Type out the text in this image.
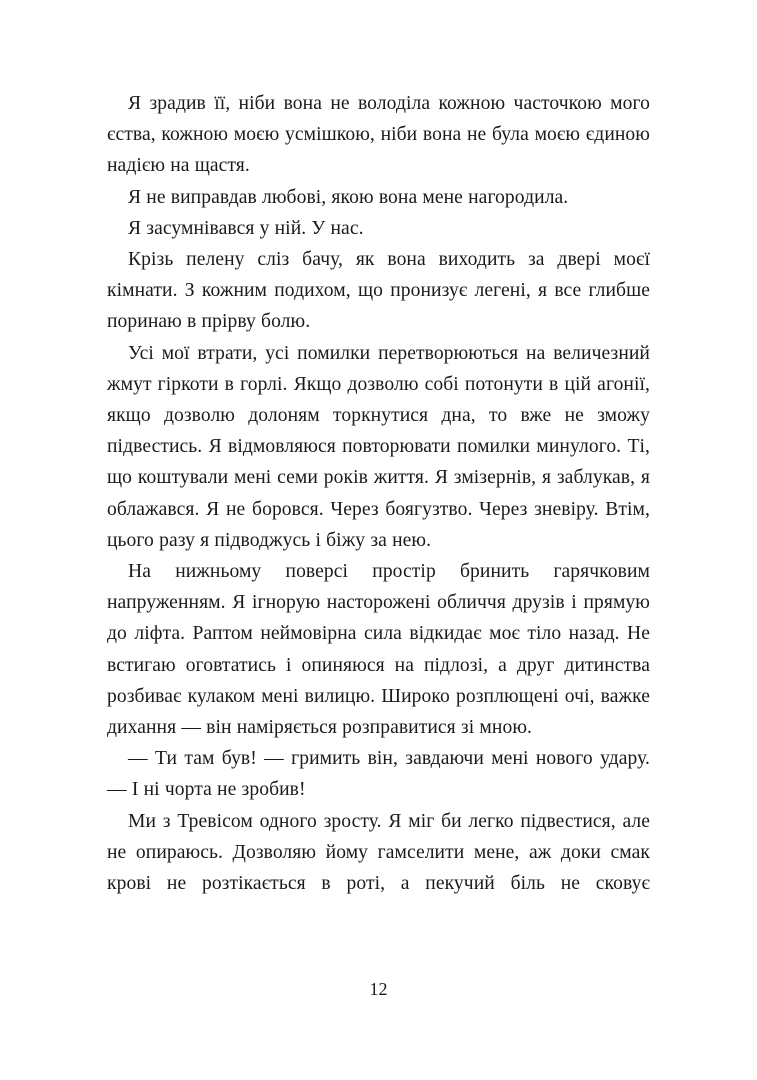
Я зрадив її, ніби вона не володіла кожною часточкою мого єства, кожною моєю усмішкою, ніби вона не була моєю єдиною надією на щастя.

Я не виправдав любові, якою вона мене нагородила.

Я засумнівався у ній. У нас.

Крізь пелену сліз бачу, як вона виходить за двері моєї кімнати. З кожним подихом, що пронизує легені, я все глибше поринаю в прірву болю.

Усі мої втрати, усі помилки перетворюються на величезний жмут гіркоти в горлі. Якщо дозволю собі потонути в цій агонії, якщо дозволю долоням торкнутися дна, то вже не зможу підвестись. Я відмовляюся повторювати помилки минулого. Ті, що коштували мені семи років життя. Я змізернів, я заблукав, я облажався. Я не боровся. Через боягузтво. Через зневіру. Втім, цього разу я підводжусь і біжу за нею.

На нижньому поверсі простір бринить гарячковим напруженням. Я ігнорую насторожені обличчя друзів і прямую до ліфта. Раптом неймовірна сила відкидає моє тіло назад. Не встигаю оговтатись і опиняюся на підлозі, а друг дитинства розбиває кулаком мені вилицю. Широко розплющені очі, важке дихання — він наміряється розправитися зі мною.

— Ти там був! — гримить він, завдаючи мені нового удару. — І ні чорта не зробив!

Ми з Тревісом одного зросту. Я міг би легко підвестися, але не опираюсь. Дозволяю йому гамселити мене, аж доки смак крові не розтікається в роті, а пекучий біль не сковує

12
